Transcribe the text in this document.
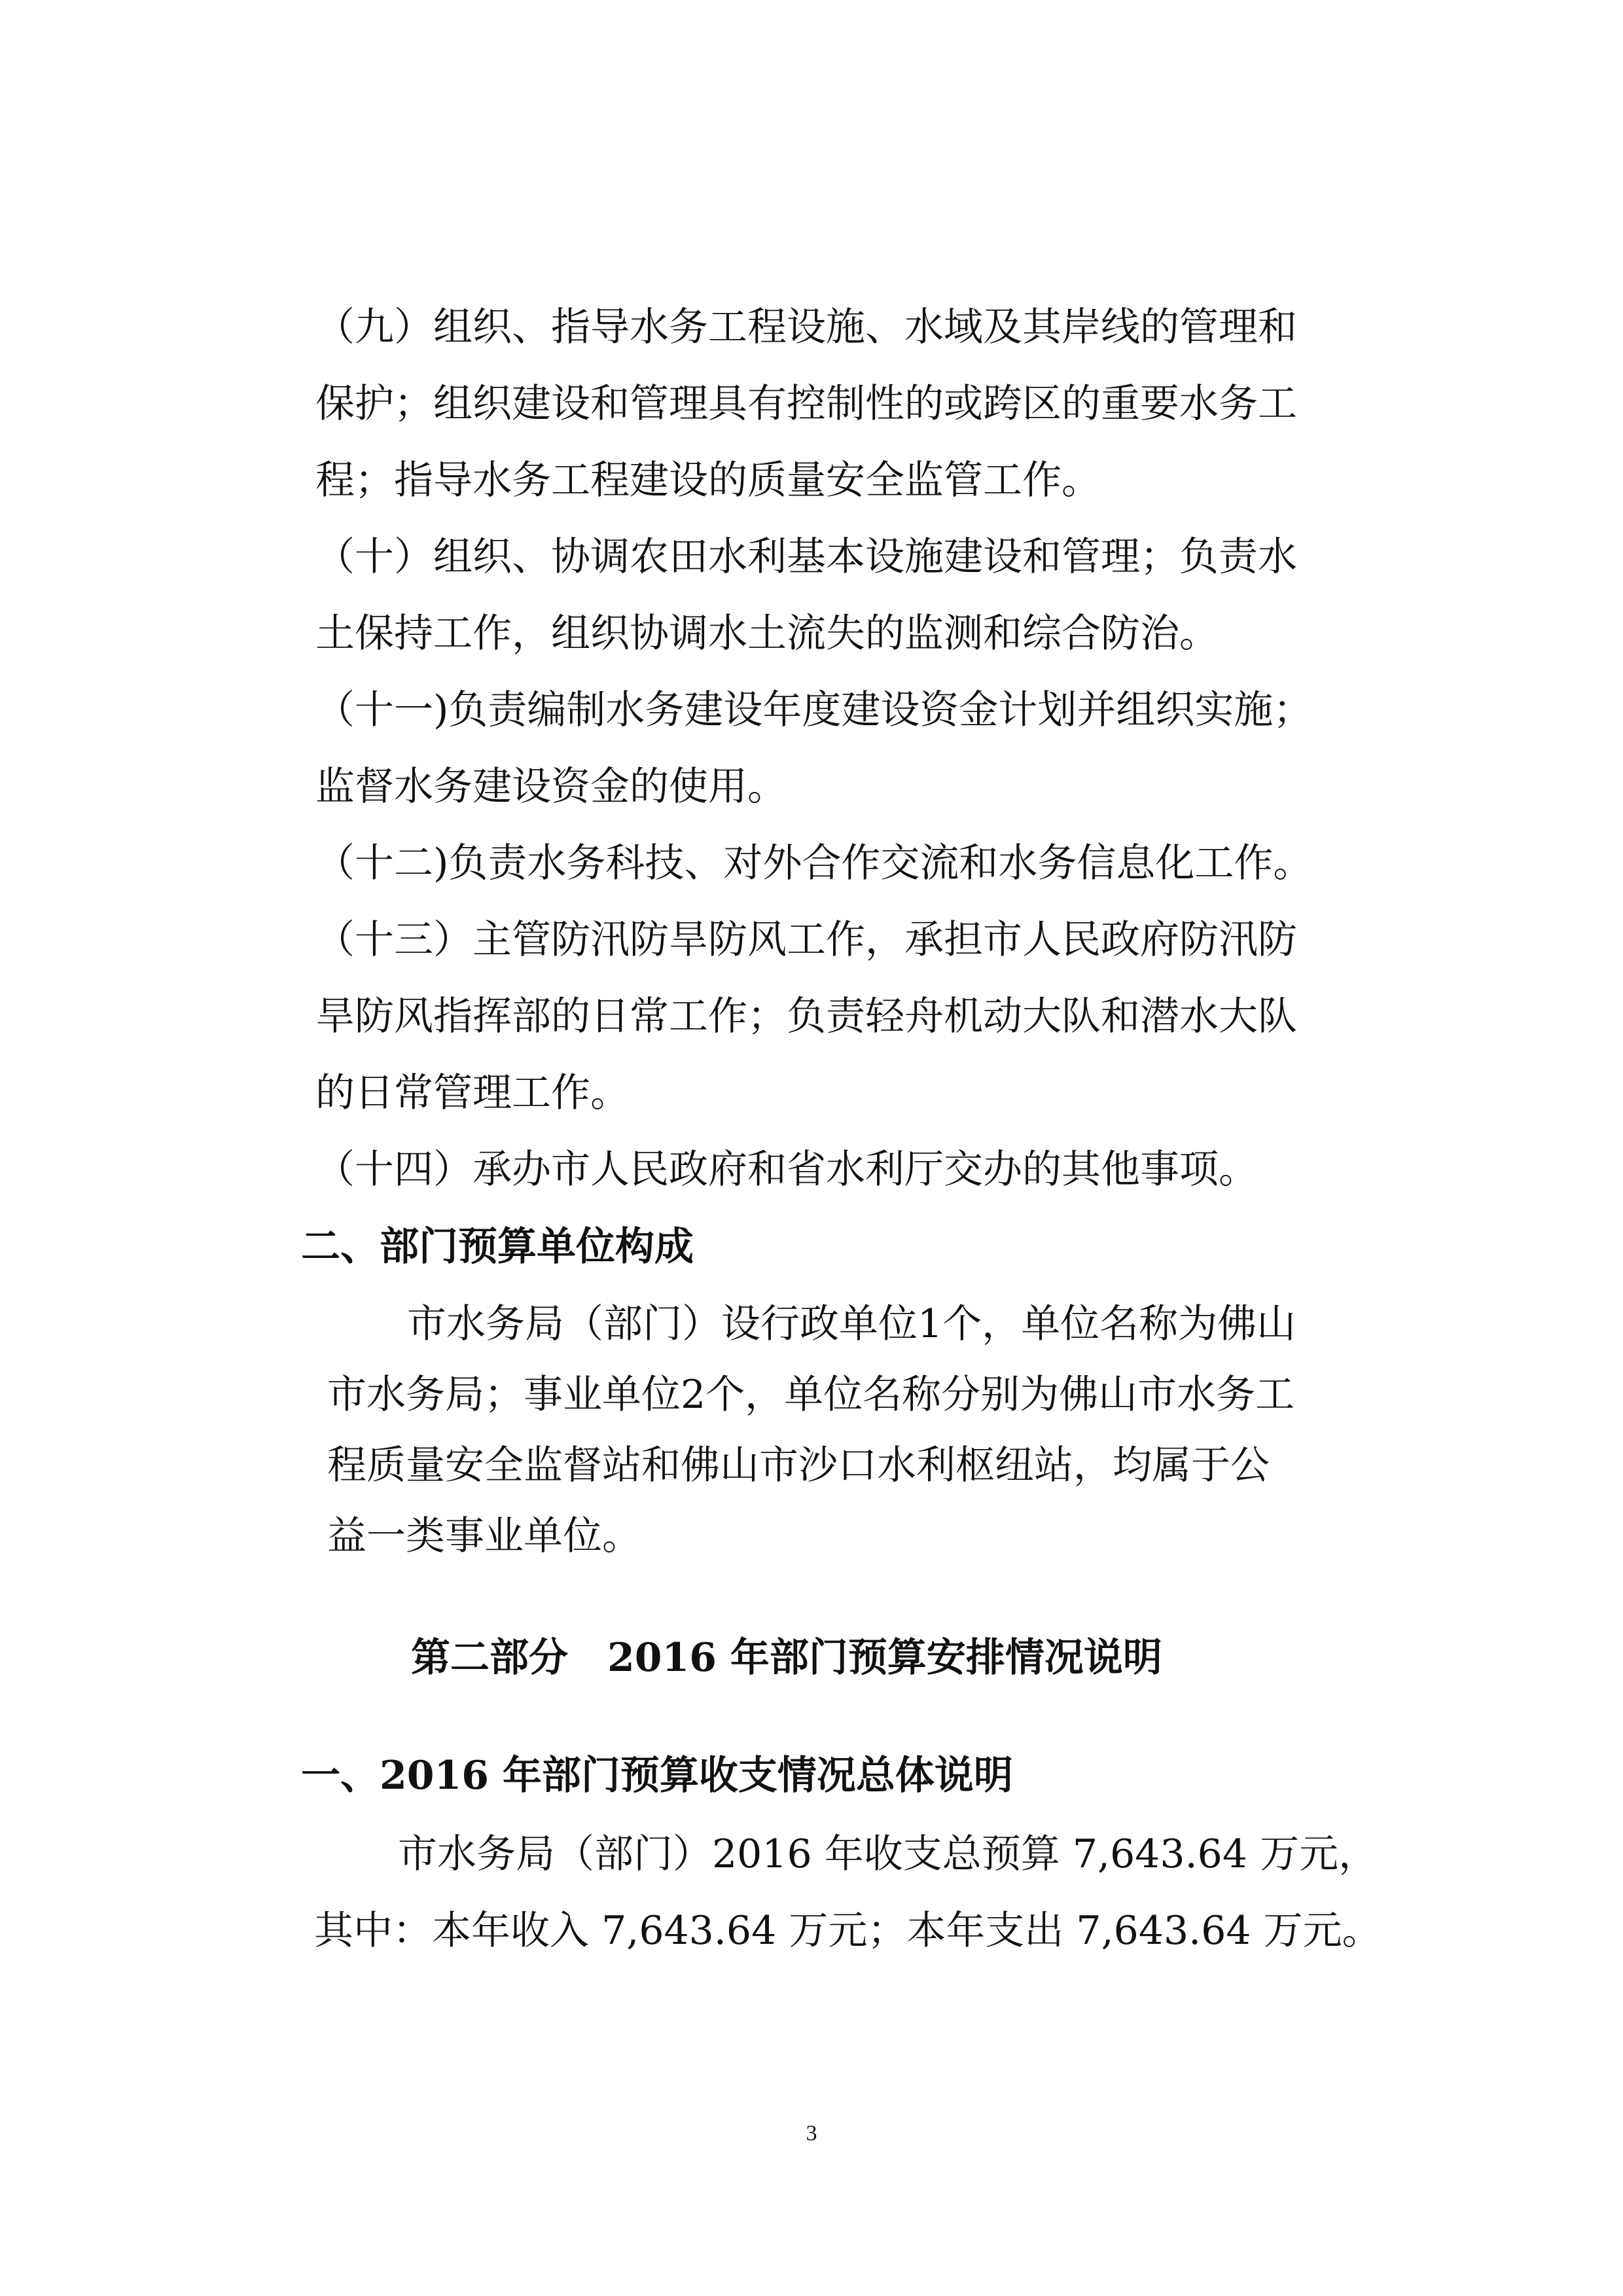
（九）组织、指导水务工程设施、水域及其岸线的管理和

保护；组织建设和管理具有控制性的或跨区的重要水务工

程；指导水务工程建设的质量安全监管工作。

（十）组织、协调农田水利基本设施建设和管理；负责水

土保持工作，组织协调水土流失的监测和综合防治。

（十一)负责编制水务建设年度建设资金计划并组织实施；

监督水务建设资金的使用。

（十二)负责水务科技、对外合作交流和水务信息化工作。

（十三）主管防汛防旱防风工作，承担市人民政府防汛防

旱防风指挥部的日常工作；负责轻舟机动大队和潜水大队

的日常管理工作。

（十四）承办市人民政府和省水利厅交办的其他事项。

二、部门预算单位构成

市水务局（部门）设行政单位1个，单位名称为佛山

市水务局；事业单位2个，单位名称分别为佛山市水务工

程质量安全监督站和佛山市沙口水利枢纽站，均属于公

益一类事业单位。

第二部分　2016 年部门预算安排情况说明

一、2016 年部门预算收支情况总体说明

市水务局（部门）2016 年收支总预算 7,643.64 万元，

其中：本年收入 7,643.64 万元；本年支出 7,643.64 万元。

3
